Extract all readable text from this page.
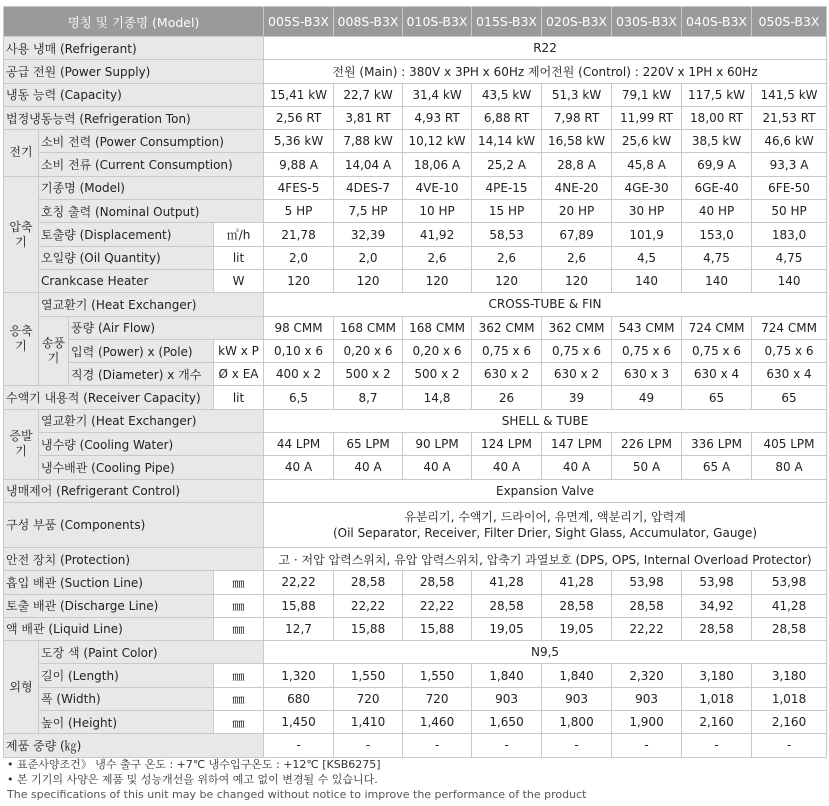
명칭 및 기종명 (Model)				005S-B3X	008S-B3X	010S-B3X	015S-B3X	020S-B3X	030S-B3X	040S-B3X	050S-B3X
사용 냉매 (Refrigerant)				R22							
공급 전원 (Power Supply)				전원 (Main) : 380V x 3PH x 60Hz 제어전원 (Control) : 220V x 1PH x 60Hz							
냉동 능력 (Capacity)				15,41 kW	22,7 kW	31,4 kW	43,5 kW	51,3 kW	79,1 kW	117,5 kW	141,5 kW
법정냉동능력 (Refrigeration Ton)				2,56 RT	3,81 RT	4,93 RT	6,88 RT	7,98 RT	11,99 RT	18,00 RT	21,53 RT
전기	소비 전력 (Power Consumption)			5,36 kW	7,88 kW	10,12 kW	14,14 kW	16,58 kW	25,6 kW	38,5 kW	46,6 kW
	소비 전류 (Current Consumption)			9,88 A	14,04 A	18,06 A	25,2 A	28,8 A	45,8 A	69,9 A	93,3 A
압축기	기종명 (Model)			4FES-5	4DES-7	4VE-10	4PE-15	4NE-20	4GE-30	6GE-40	6FE-50
	호칭 출력 (Nominal Output)			5 HP	7,5 HP	10 HP	15 HP	20 HP	30 HP	40 HP	50 HP
	토출량 (Displacement)		㎥/h	21,78	32,39	41,92	58,53	67,89	101,9	153,0	183,0
	오일량 (Oil Quantity)		lit	2,0	2,0	2,6	2,6	2,6	4,5	4,75	4,75
	Crankcase Heater		W	120	120	120	120	120	140	140	140
응축기	열교환기 (Heat Exchanger)			CROSS-TUBE & FIN							
	송풍기	풍량 (Air Flow)		98 CMM	168 CMM	168 CMM	362 CMM	362 CMM	543 CMM	724 CMM	724 CMM
		입력 (Power) x (Pole)	kW x P	0,10 x 6	0,20 x 6	0,20 x 6	0,75 x 6	0,75 x 6	0,75 x 6	0,75 x 6	0,75 x 6
		직경 (Diameter) x 개수	Ø x EA	400 x 2	500 x 2	500 x 2	630 x 2	630 x 2	630 x 3	630 x 4	630 x 4
수액기 내용적 (Receiver Capacity)			lit	6,5	8,7	14,8	26	39	49	65	65
증발기	열교환기 (Heat Exchanger)			SHELL & TUBE							
	냉수량 (Cooling Water)			44 LPM	65 LPM	90 LPM	124 LPM	147 LPM	226 LPM	336 LPM	405 LPM
	냉수배관 (Cooling Pipe)			40 A	40 A	40 A	40 A	40 A	50 A	65 A	80 A
냉매제어 (Refrigerant Control)				Expansion Valve							
구성 부품 (Components)				유분리기, 수액기, 드라이어, 유면계, 액분리기, 압력계
(Oil Separator, Receiver, Filter Drier, Sight Glass, Accumulator, Gauge)							

안전 장치 (Protection)				고 · 저압 압력스위치, 유압 압력스위치, 압축기 과열보호 (DPS, OPS, Internal Overload Protector)							
흡입 배관 (Suction Line)			㎜	22,22	28,58	28,58	41,28	41,28	53,98	53,98	53,98
토출 배관 (Discharge Line)			㎜	15,88	22,22	22,22	28,58	28,58	28,58	34,92	41,28
액 배관 (Liquid Line)			㎜	12,7	15,88	15,88	19,05	19,05	22,22	28,58	28,58
외형	도장 색 (Paint Color)			N9,5							
	길이 (Length)		㎜	1,320	1,550	1,550	1,840	1,840	2,320	3,180	3,180
	폭 (Width)		㎜	680	720	720	903	903	903	1,018	1,018
	높이 (Height)		㎜	1,450	1,410	1,460	1,650	1,800	1,900	2,160	2,160
제품 중량 (㎏)				-	-	-	-	-	-	-	-
• 표준사양조건》 냉수 출구 온도 : +7℃ 냉수입구온도 : +12℃ [KSB6275]
• 본 기기의 사양은 제품 및 성능개선을 위하여 예고 없이 변경될 수 있습니다.
The specifications of this unit may be changed without notice to improve the performance of the product
